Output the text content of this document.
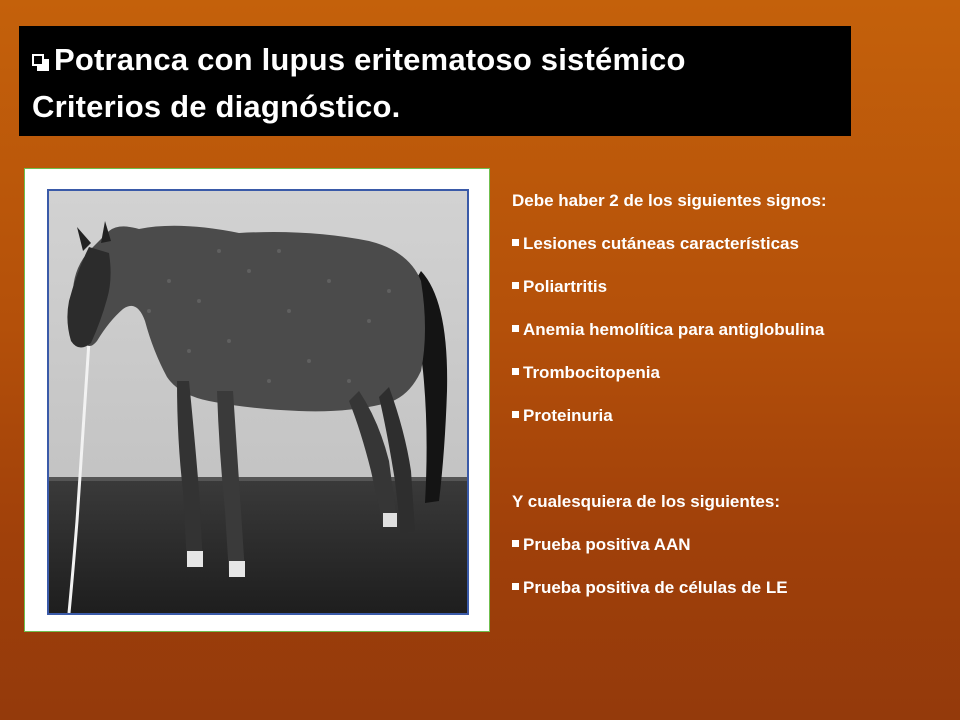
Potranca con lupus eritematoso sistémico
Criterios de diagnóstico.
Debe haber 2 de los siguientes signos:
Lesiones cutáneas características
Poliartritis
Anemia hemolítica para antiglobulina
Trombocitopenia
Proteinuria
Y cualesquiera de los siguientes:
Prueba positiva AAN
Prueba positiva de células de LE
